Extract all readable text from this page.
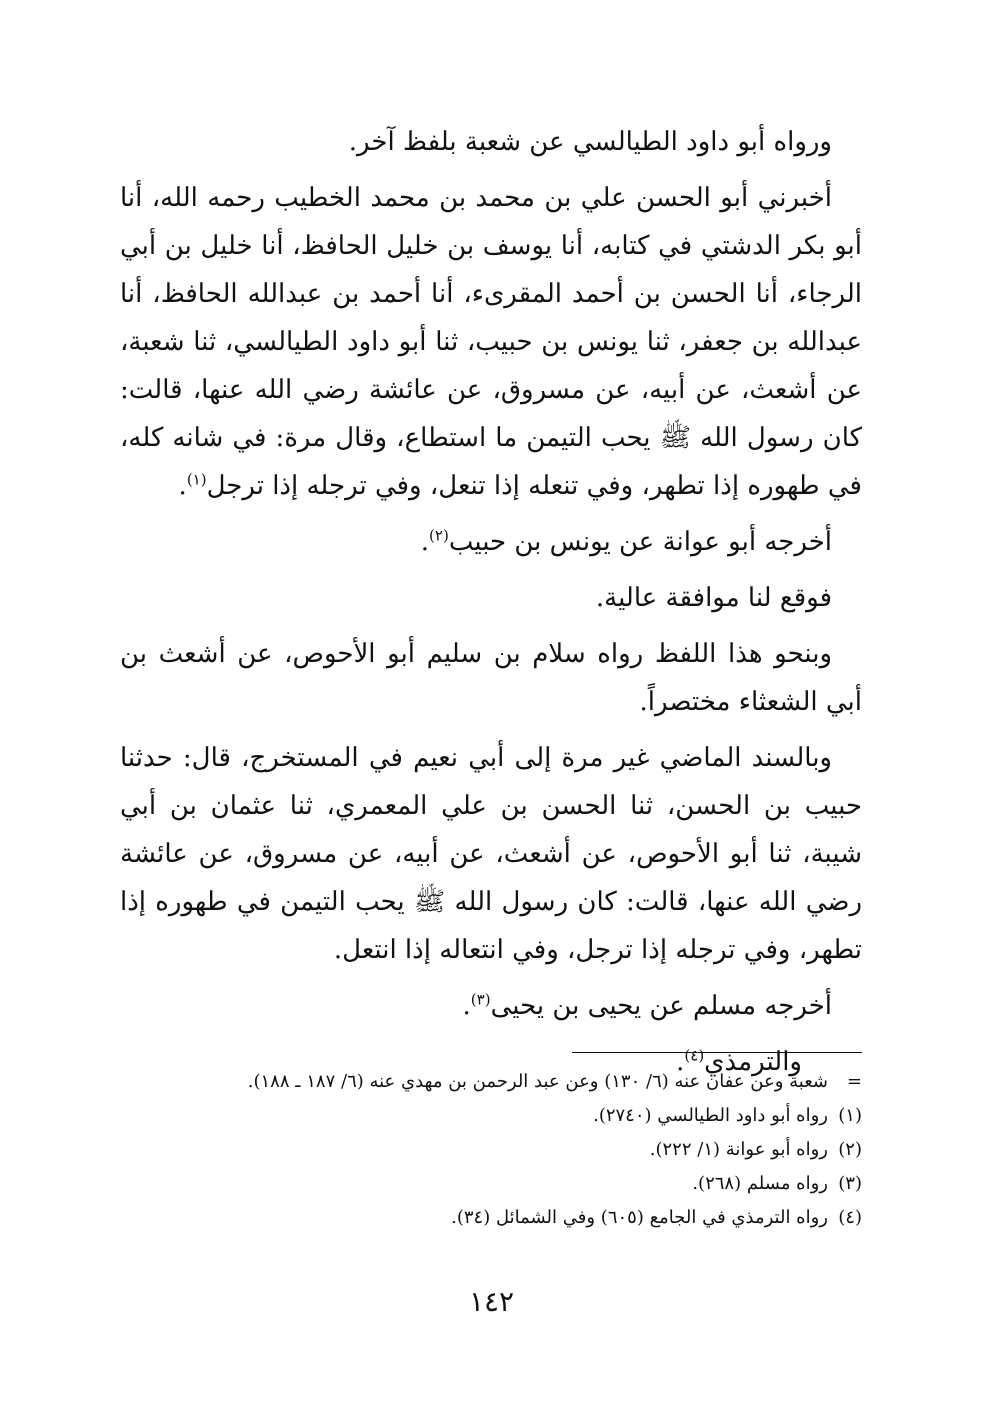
ورواه أبو داود الطيالسي عن شعبة بلفظ آخر.

أخبرني أبو الحسن علي بن محمد بن محمد الخطيب رحمه الله، أنا أبو بكر الدشتي في كتابه، أنا يوسف بن خليل الحافظ، أنا خليل بن أبي الرجاء، أنا الحسن بن أحمد المقرىء، أنا أحمد بن عبدالله الحافظ، أنا عبدالله بن جعفر، ثنا يونس بن حبيب، ثنا أبو داود الطيالسي، ثنا شعبة، عن أشعث، عن أبيه، عن مسروق، عن عائشة رضي الله عنها، قالت: كان رسول الله ﷺ يحب التيمن ما استطاع، وقال مرة: في شانه كله، في طهوره إذا تطهر، وفي تنعله إذا تنعل، وفي ترجله إذا ترجل$^{(١)}$.

أخرجه أبو عوانة عن يونس بن حبيب$^{(٢)}$.

فوقع لنا موافقة عالية.

وبنحو هذا اللفظ رواه سلام بن سليم أبو الأحوص، عن أشعث بن أبي الشعثاء مختصراً.

وبالسند الماضي غير مرة إلى أبي نعيم في المستخرج، قال: حدثنا حبيب بن الحسن، ثنا الحسن بن علي المعمري، ثنا عثمان بن أبي شيبة، ثنا أبو الأحوص، عن أشعث، عن أبيه، عن مسروق، عن عائشة رضي الله عنها، قالت: كان رسول الله ﷺ يحب التيمن في طهوره إذا تطهر، وفي ترجله إذا ترجل، وفي انتعاله إذا انتعل.

أخرجه مسلم عن يحيى بن يحيى$^{(٣)}$.

والترمذي$^{(٤)}$.

=شعبة وعن عفان عنه (٦/ ١٣٠) وعن عبد الرحمن بن مهدي عنه (٦/ ١٨٧ ـ ١٨٨).

(١)رواه أبو داود الطيالسي (٢٧٤٠).

(٢)رواه أبو عوانة (١/ ٢٢٢).

(٣)رواه مسلم (٢٦٨).

(٤)رواه الترمذي في الجامع (٦٠٥) وفي الشمائل (٣٤).

١٤٢
